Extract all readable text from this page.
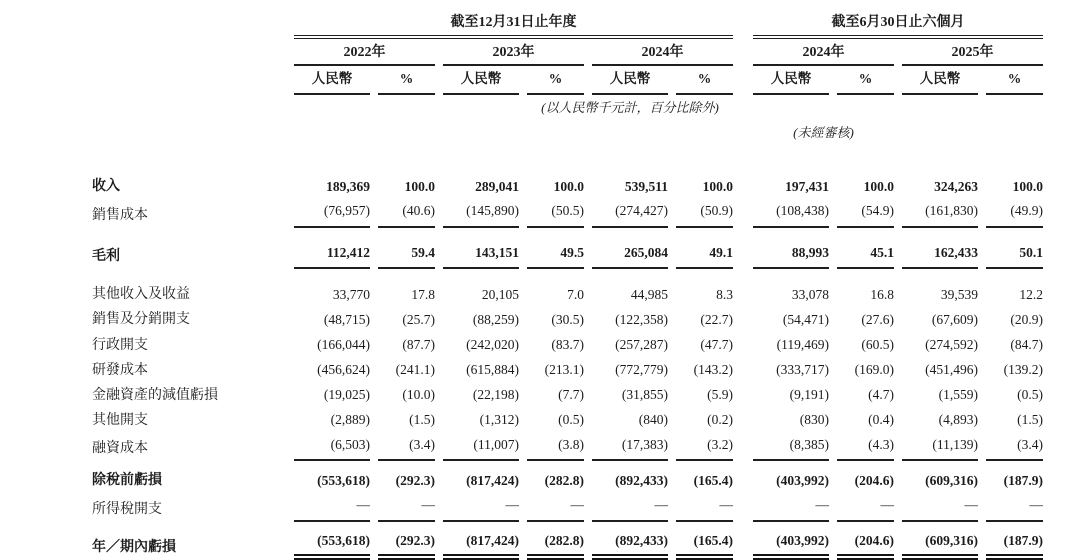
	截至12月31日止年度							截至6月30日止六個月			
	2022年		2023年		2024年			2024年		2025年	
	人民幣	%	人民幣	%	人民幣	%		人民幣	%	人民幣	%
				(以人民幣千元計，百分比除外)							
								(未經審核)			
收入	189,369	100.0	289,041	100.0	539,511	100.0		197,431	100.0	324,263	100.0
銷售成本	(76,957)	(40.6)	(145,890)	(50.5)	(274,427)	(50.9)		(108,438)	(54.9)	(161,830)	(49.9)
毛利	112,412	59.4	143,151	49.5	265,084	49.1		88,993	45.1	162,433	50.1
其他收入及收益	33,770	17.8	20,105	7.0	44,985	8.3		33,078	16.8	39,539	12.2
銷售及分銷開支	(48,715)	(25.7)	(88,259)	(30.5)	(122,358)	(22.7)		(54,471)	(27.6)	(67,609)	(20.9)
行政開支	(166,044)	(87.7)	(242,020)	(83.7)	(257,287)	(47.7)		(119,469)	(60.5)	(274,592)	(84.7)
研發成本	(456,624)	(241.1)	(615,884)	(213.1)	(772,779)	(143.2)		(333,717)	(169.0)	(451,496)	(139.2)
金融資產的減值虧損	(19,025)	(10.0)	(22,198)	(7.7)	(31,855)	(5.9)		(9,191)	(4.7)	(1,559)	(0.5)
其他開支	(2,889)	(1.5)	(1,312)	(0.5)	(840)	(0.2)		(830)	(0.4)	(4,893)	(1.5)
融資成本	(6,503)	(3.4)	(11,007)	(3.8)	(17,383)	(3.2)		(8,385)	(4.3)	(11,139)	(3.4)
除稅前虧損	(553,618)	(292.3)	(817,424)	(282.8)	(892,433)	(165.4)		(403,992)	(204.6)	(609,316)	(187.9)
所得稅開支	—	—	—	—	—	—		—	—	—	—
年／期內虧損	(553,618)	(292.3)	(817,424)	(282.8)	(892,433)	(165.4)		(403,992)	(204.6)	(609,316)	(187.9)
